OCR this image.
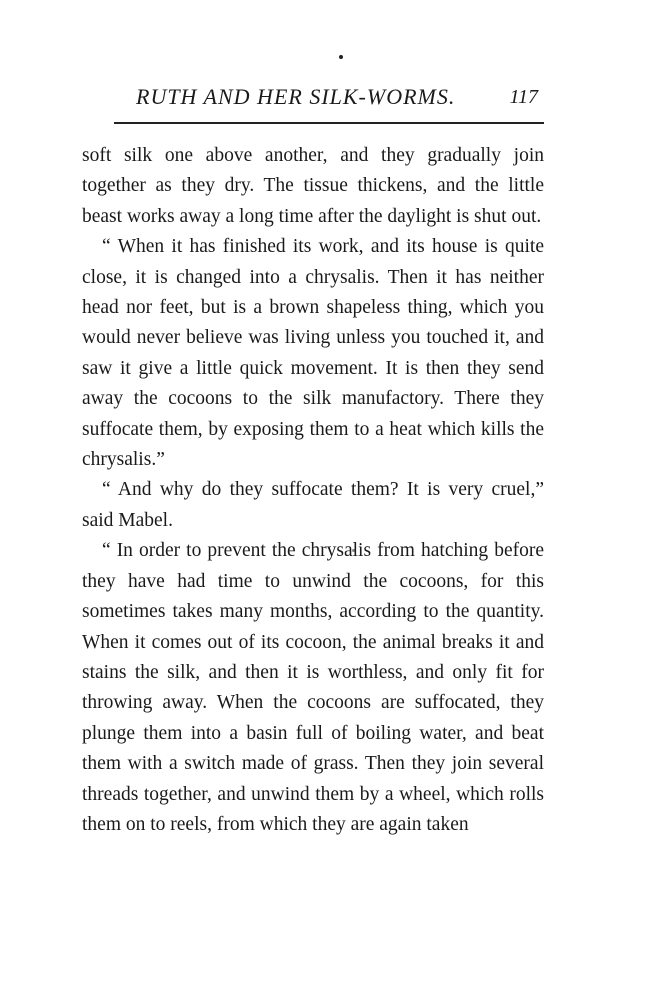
RUTH AND HER SILK-WORMS.	117

soft silk one above another, and they gradually join together as they dry. The tissue thickens, and the little beast works away a long time after the daylight is shut out.

“ When it has finished its work, and its house is quite close, it is changed into a chrysalis. Then it has neither head nor feet, but is a brown shapeless thing, which you would never believe was living unless you touched it, and saw it give a little quick movement. It is then they send away the cocoons to the silk manufactory. There they suffocate them, by exposing them to a heat which kills the chrysalis.”

“ And why do they suffocate them? It is very cruel,” said Mabel.

“ In order to prevent the chrysalis from hatching before they have had time to unwind the cocoons, for this sometimes takes many months, according to the quantity. When it comes out of its cocoon, the animal breaks it and stains the silk, and then it is worthless, and only fit for throwing away. When the cocoons are suffocated, they plunge them into a basin full of boiling water, and beat them with a switch made of grass. Then they join several threads together, and unwind them by a wheel, which rolls them on to reels, from which they are again taken
